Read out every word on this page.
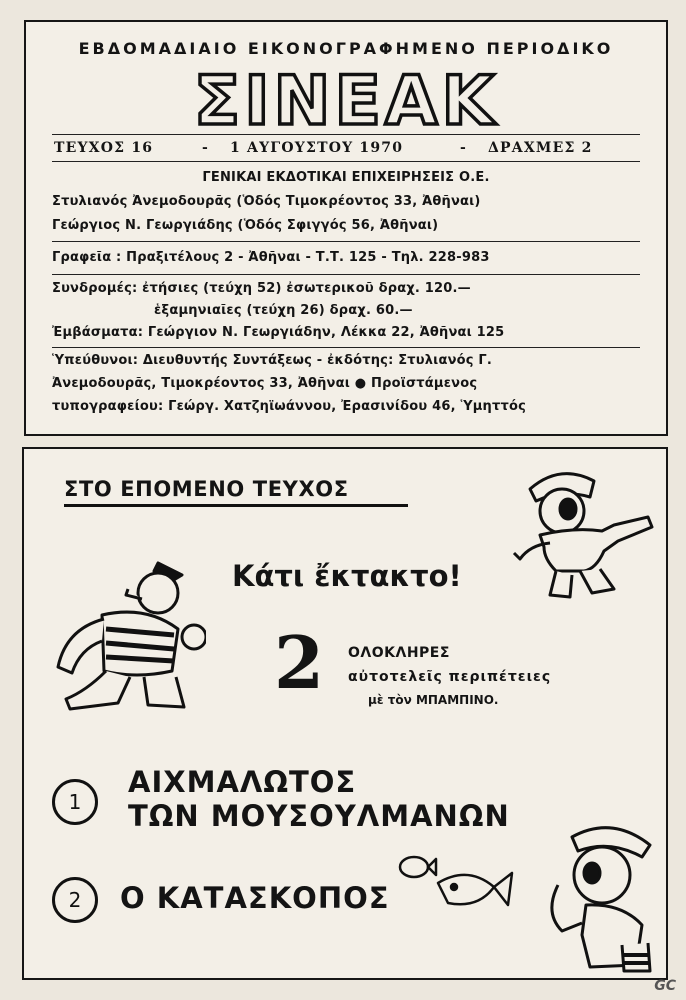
ΕΒΔΟΜΑΔΙΑΙΟ ΕΙΚΟΝΟΓΡΑΦΗΜΕΝΟ ΠΕΡΙΟΔΙΚΟ
ΣΙΝΕΑΚ
ΤΕΥΧΟΣ 16	- 1 ΑΥΓΟΥΣΤΟΥ 1970	- ΔΡΑΧΜΕΣ 2
ΓΕΝΙΚΑΙ ΕΚΔΟΤΙΚΑΙ ΕΠΙΧΕΙΡΗΣΕΙΣ Ο.Ε.
Στυλιανός Ἀνεμοδουρᾶς (Ὁδός Τιμοκρέοντος 33, Ἀθῆναι)
Γεώργιος Ν. Γεωργιάδης (Ὁδός Σφιγγός 56, Ἀθῆναι)
Γραφεῖα : Πραξιτέλους 2 - Ἀθῆναι - Τ.Τ. 125 - Τηλ. 228-983
Συνδρομές: ἐτήσιες (τεύχη 52) ἐσωτερικοῦ δραχ. 120.—
ἑξαμηνιαῖες (τεύχη 26) δραχ. 60.—
Ἐμβάσματα: Γεώργιον Ν. Γεωργιάδην, Λέκκα 22, Ἀθῆναι 125
Ὑπεύθυνοι: Διευθυντής Συντάξεως - ἐκδότης: Στυλιανός Γ.
Ἀνεμοδουρᾶς, Τιμοκρέοντος 33, Ἀθῆναι ● Προϊστάμενος
τυπογραφείου: Γεώργ. Χατζηϊωάννου, Ἐρασινίδου 46, Ὑμηττός
ΣΤΟ ΕΠΟΜΕΝΟ ΤΕΥΧΟΣ
Κάτι ἔκτακτο!
2 ΟΛΟΚΛΗΡΕΣ
αὐτοτελεῖς περιπέτειες
μὲ τὸν ΜΠΑΜΠΙΝΟ.
1
ΑΙΧΜΑΛΩΤΟΣ
ΤΩΝ ΜΟΥΣΟΥΛΜΑΝΩΝ
2	Ο ΚΑΤΑΣΚΟΠΟΣ
GC
